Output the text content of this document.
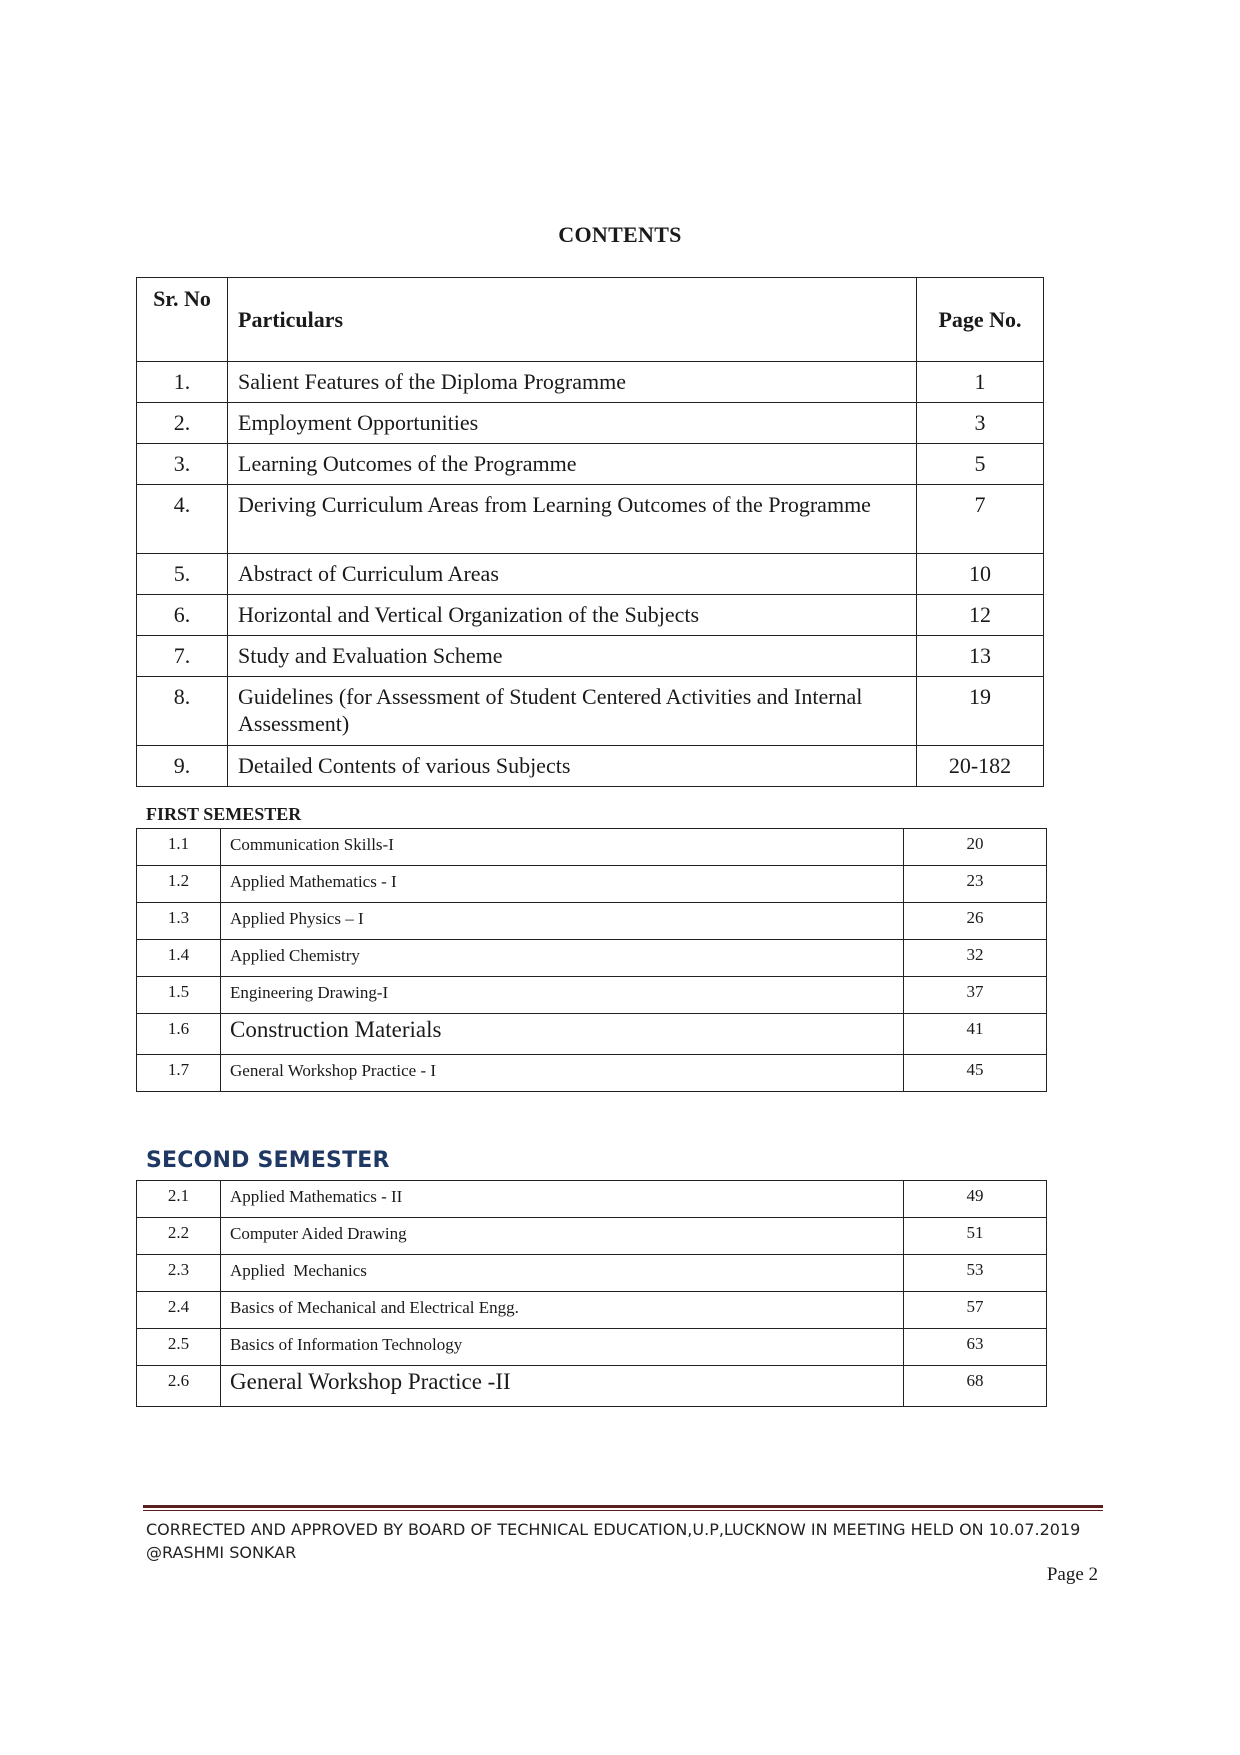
CONTENTS
Sr. No	Particulars	Page No.
1.	Salient Features of the Diploma Programme	1
2.	Employment Opportunities	3
3.	Learning Outcomes of the Programme	5
4.	Deriving Curriculum Areas from Learning Outcomes of the Programme	7
5.	Abstract of Curriculum Areas	10
6.	Horizontal and Vertical Organization of the Subjects	12
7.	Study and Evaluation Scheme	13
8.	Guidelines (for Assessment of Student Centered Activities and Internal Assessment)	19
9.	Detailed Contents of various Subjects	20-182
FIRST SEMESTER
1.1	Communication Skills-I	20
1.2	Applied Mathematics - I	23
1.3	Applied Physics – I	26
1.4	Applied Chemistry	32
1.5	Engineering Drawing-I	37
1.6	Construction Materials	41
1.7	General Workshop Practice - I	45
SECOND SEMESTER
2.1	Applied Mathematics - II	49
2.2	Computer Aided Drawing	51
2.3	Applied  Mechanics	53
2.4	Basics of Mechanical and Electrical Engg.	57
2.5	Basics of Information Technology	63
2.6	General Workshop Practice -II	68
CORRECTED AND APPROVED BY BOARD OF TECHNICAL EDUCATION,U.P,LUCKNOW IN MEETING HELD ON 10.07.2019 @RASHMI SONKAR
Page 2
